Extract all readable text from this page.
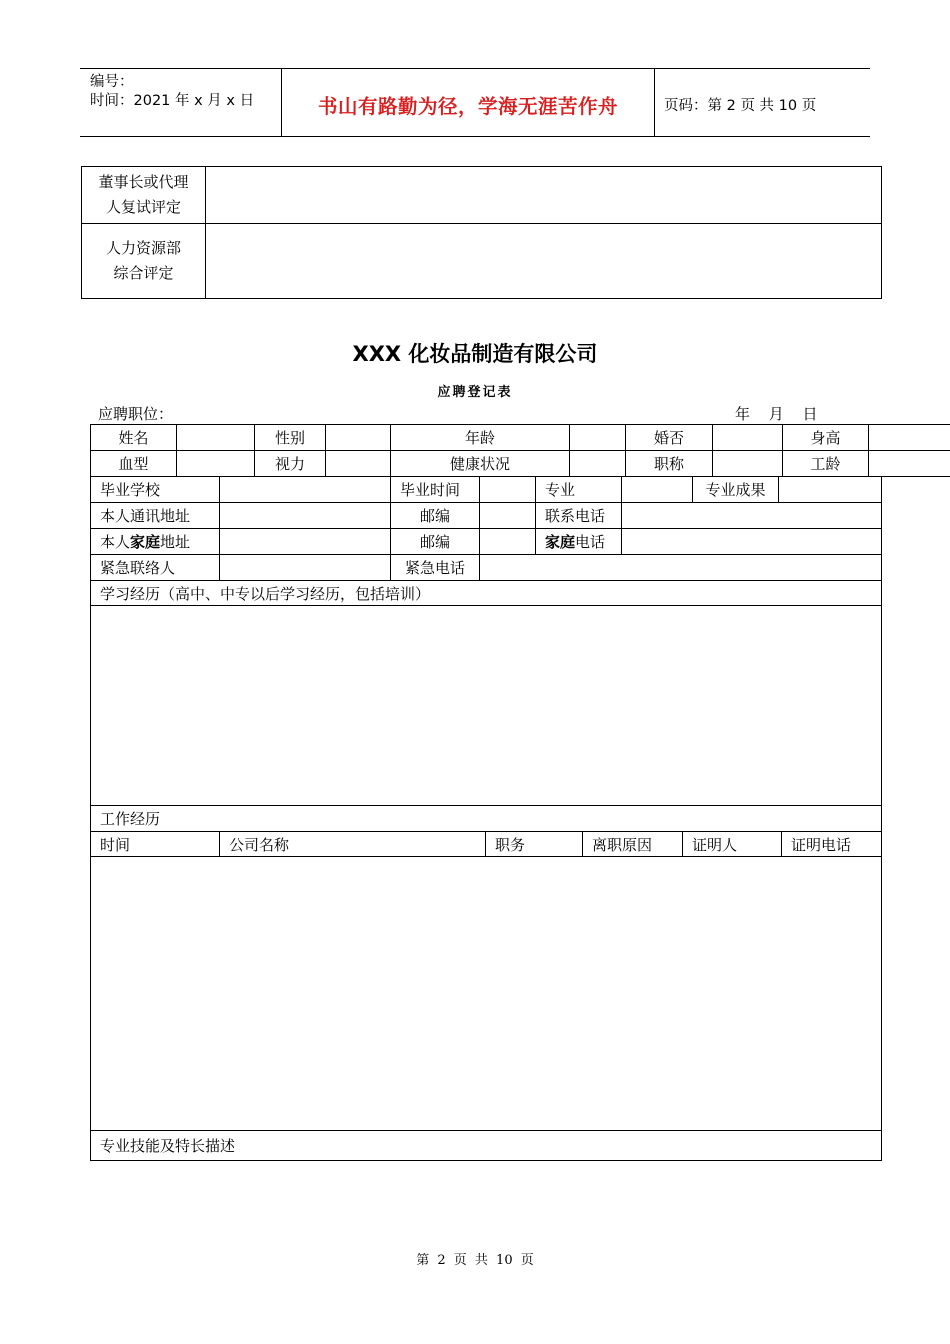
编号：
时间：2021 年 x 月 x 日	书山有路勤为径，学海无涯苦作舟	页码：第 2 页 共 10 页
董事长或代理
人复试评定	

人力资源部
综合评定	

XXX 化妆品制造有限公司
应聘登记表
应聘职位：	年 月 日
姓名		性别		年龄		婚否	身高	
血型		视力		健康状况		职称	工龄	
毕业学校		毕业时间		专业		专业成果	
本人通讯地址		邮编		联系电话			
本人家庭地址		邮编		家庭电话			
紧急联络人		紧急电话					
学习经历（高中、中专以后学习经历，包括培训）

工作经历
时间	公司名称	职务	离职原因	证明人	证明电话

专业技能及特长描述
第 2 页 共 10 页
